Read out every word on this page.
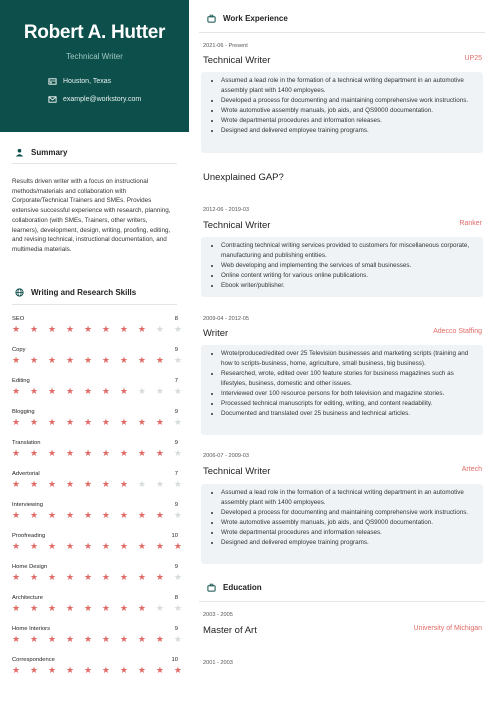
Robert A. Hutter
Technical Writer
Houston, Texas
example@workstory.com
Summary
Results driven writer with a focus on instructional methods/materials and collaboration with Corporate/Technical Trainers and SMEs. Provides extensive successful experience with research, planning, collaboration (with SMEs, Trainers, other writers, learners), development, design, writing, proofing, editing, and revising technical, instructional documentation, and multimedia materials.
Writing and Research Skills
SEO	8
★ ★ ★ ★ ★ ★ ★ ★ ★ ★
Copy	9
★ ★ ★ ★ ★ ★ ★ ★ ★ ★
Editing	7
★ ★ ★ ★ ★ ★ ★ ★ ★ ★
Blogging	9
★ ★ ★ ★ ★ ★ ★ ★ ★ ★
Translation	9
★ ★ ★ ★ ★ ★ ★ ★ ★ ★
Advertorial	7
★ ★ ★ ★ ★ ★ ★ ★ ★ ★
Interviewing	9
★ ★ ★ ★ ★ ★ ★ ★ ★ ★
Proofreading	10
★ ★ ★ ★ ★ ★ ★ ★ ★ ★
Home Design	9
★ ★ ★ ★ ★ ★ ★ ★ ★ ★
Architecture	8
★ ★ ★ ★ ★ ★ ★ ★ ★ ★
Home Interiors	9
★ ★ ★ ★ ★ ★ ★ ★ ★ ★
Correspondence	10
★ ★ ★ ★ ★ ★ ★ ★ ★ ★
Work Experience
2021-06 - Present
Technical Writer	UP25
• Assumed a lead role in the formation of a technical writing department in an automotive assembly plant with 1400 employees.
• Developed a process for documenting and maintaining comprehensive work instructions.
• Wrote automotive assembly manuals, job aids, and QS9000 documentation.
• Wrote departmental procedures and information releases.
• Designed and delivered employee training programs.
Unexplained GAP?
2012-06 - 2019-03
Technical Writer	Ranker
• Contracting technical writing services provided to customers for miscellaneous corporate, manufacturing and publishing entities.
• Web developing and implementing the services of small businesses.
• Online content writing for various online publications.
• Ebook writer/publisher.
2009-04 - 2012-05
Writer	Adecco Staffing
• Wrote/produced/edited over 25 Television businesses and marketing scripts (training and how to scripts-business, home, agriculture, small business, big business).
• Researched, wrote, edited over 100 feature stories for business magazines such as lifestyles, business, domestic and other issues.
• Interviewed over 100 resource persons for both television and magazine stories.
• Processed technical manuscripts for editing, writing, and content readability.
• Documented and translated over 25 business and technical articles.
2006-07 - 2009-03
Technical Writer	Artech
• Assumed a lead role in the formation of a technical writing department in an automotive assembly plant with 1400 employees.
• Developed a process for documenting and maintaining comprehensive work instructions.
• Wrote automotive assembly manuals, job aids, and QS9000 documentation.
• Wrote departmental procedures and information releases.
• Designed and delivered employee training programs.
Education
2003 - 2005
Master of Art	University of Michigan
2001 - 2003
